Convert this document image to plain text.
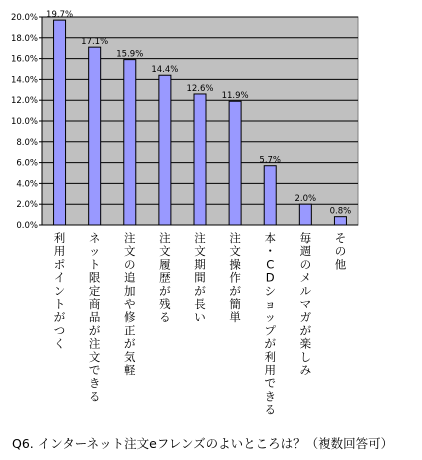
0.0%
2.0%
4.0%
6.0%
8.0%
10.0%
12.0%
14.0%
16.0%
18.0%
20.0% 19.7%
17.1%
15.9%
14.4%
12.6%
11.9%
5.7%
2.0%
0.8%
利用ポイントがつく
ネット限定商品が注文できる
注文の追加や修正が気軽
注文履歴が残る
注文期間が長い
注文操作が簡単
本・ C D ショップが利用できる
毎週のメルマガが楽しみ
その他
Q6. インターネット注文eフレンズのよいところは？（複数回答可）
